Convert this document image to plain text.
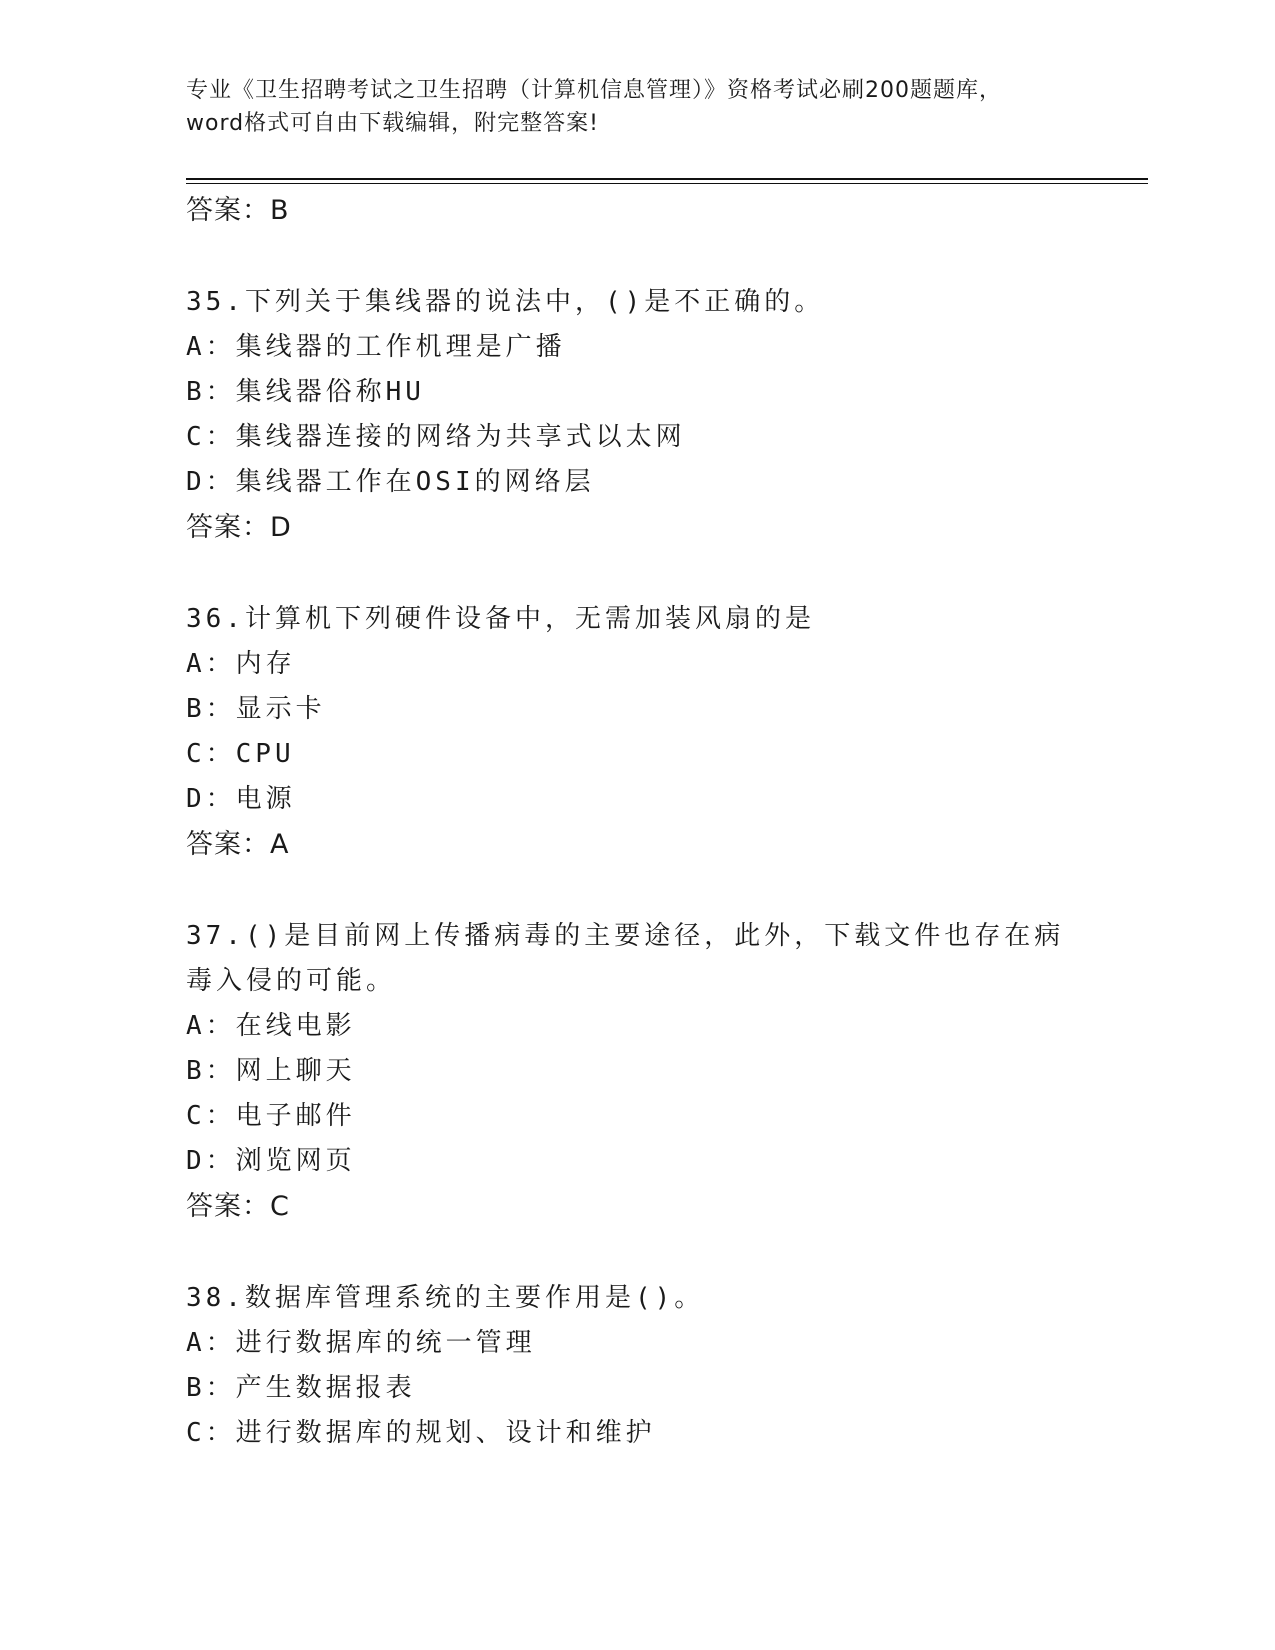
专业《卫生招聘考试之卫生招聘（计算机信息管理）》资格考试必刷200题题库，
word格式可自由下载编辑，附完整答案!

答案：B

35.下列关于集线器的说法中，()是不正确的。

A：集线器的工作机理是广播

B：集线器俗称HU

C：集线器连接的网络为共享式以太网

D：集线器工作在OSI的网络层

答案：D

36.计算机下列硬件设备中，无需加装风扇的是

A：内存

B：显示卡

C：CPU

D：电源

答案：A

37.()是目前网上传播病毒的主要途径，此外，下载文件也存在病毒入侵的可能。

A：在线电影

B：网上聊天

C：电子邮件

D：浏览网页

答案：C

38.数据库管理系统的主要作用是()。

A：进行数据库的统一管理

B：产生数据报表

C：进行数据库的规划、设计和维护
